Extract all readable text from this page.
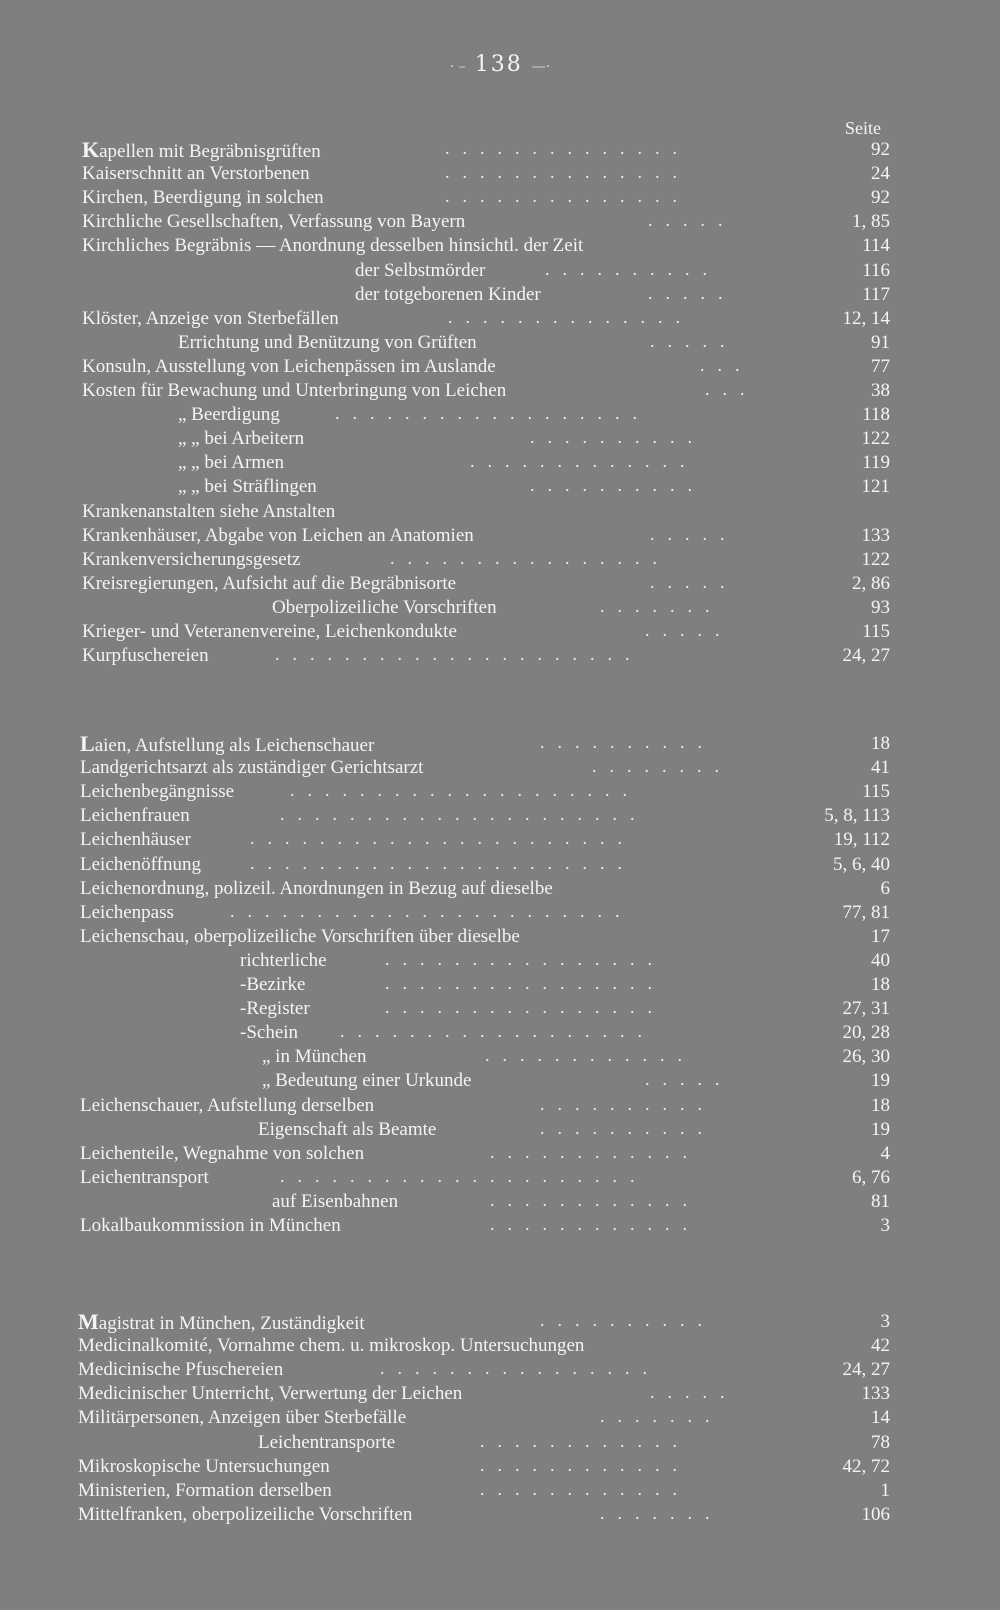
· – 138 —·
Seite
Kapellen mit Begräbnisgrüften	..............	92
Kaiserschnitt an Verstorbenen	..............	24
Kirchen, Beerdigung in solchen	..............	92
Kirchliche Gesellschaften, Verfassung von Bayern	.....	1, 85
Kirchliches Begräbnis — Anordnung desselben hinsichtl. der Zeit	114
der Selbstmörder	..........	116
der totgeborenen Kinder	.....	117
Klöster, Anzeige von Sterbefällen	..............	12, 14
Errichtung und Benützung von Grüften	.....	91
Konsuln, Ausstellung von Leichenpässen im Auslande	...	77
Kosten für Bewachung und Unterbringung von Leichen	...	38
„ Beerdigung	..................	118
„ „ bei Arbeitern	..........	122
„ „ bei Armen	.............	119
„ „ bei Sträflingen	..........	121
Krankenanstalten siehe Anstalten
Krankenhäuser, Abgabe von Leichen an Anatomien	.....	133
Krankenversicherungsgesetz	................	122
Kreisregierungen, Aufsicht auf die Begräbnisorte	.....	2, 86
Oberpolizeiliche Vorschriften	.......	93
Krieger- und Veteranenvereine, Leichenkondukte	.....	115
Kurpfuschereien	.....................	24, 27
Laien, Aufstellung als Leichenschauer	..........	18
Landgerichtsarzt als zuständiger Gerichtsarzt	........	41
Leichenbegängnisse	....................	115
Leichenfrauen	.....................	5, 8, 113
Leichenhäuser	......................	19, 112
Leichenöffnung	......................	5, 6, 40
Leichenordnung, polizeil. Anordnungen in Bezug auf dieselbe	6
Leichenpass	.......................	77, 81
Leichenschau, oberpolizeiliche Vorschriften über dieselbe	17
richterliche	................	40
-Bezirke	................	18
-Register	................	27, 31
-Schein ..................	20, 28
„ in München	............	26, 30
„ Bedeutung einer Urkunde	.....	19
Leichenschauer, Aufstellung derselben	..........	18
Eigenschaft als Beamte	..........	19
Leichenteile, Wegnahme von solchen	............	4
Leichentransport	.....................	6, 76
auf Eisenbahnen	............	81
Lokalbaukommission in München	............	3
Magistrat in München, Zuständigkeit	..........	3
Medicinalkomité, Vornahme chem. u. mikroskop. Untersuchungen	42
Medicinische Pfuschereien	................	24, 27
Medicinischer Unterricht, Verwertung der Leichen	.....	133
Militärpersonen, Anzeigen über Sterbefälle	.......	14
Leichentransporte	............	78
Mikroskopische Untersuchungen	............	42, 72
Ministerien, Formation derselben	............	1
Mittelfranken, oberpolizeiliche Vorschriften	.......	106
